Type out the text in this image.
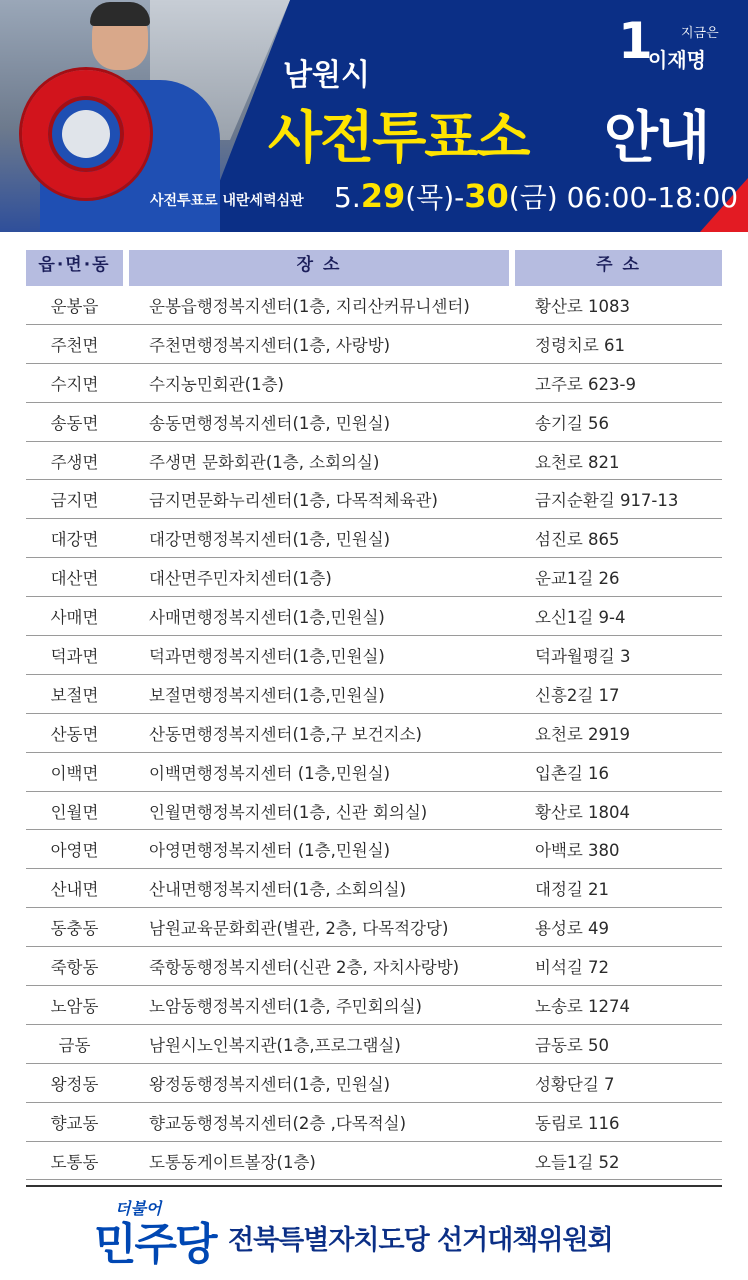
1 지금은
이재명
남원시
사전투표소 안내
사전투표로 내란세력심판 5.29(목)-30(금) 06:00-18:00
읍·면·동	장 소	주 소
운봉읍	운봉읍행정복지센터(1층, 지리산커뮤니센터)	황산로 1083
주천면	주천면행정복지센터(1층, 사랑방)	정령치로 61
수지면	수지농민회관(1층)	고주로 623-9
송동면	송동면행정복지센터(1층, 민원실)	송기길 56
주생면	주생면 문화회관(1층, 소회의실)	요천로 821
금지면	금지면문화누리센터(1층, 다목적체육관)	금지순환길 917-13
대강면	대강면행정복지센터(1층, 민원실)	섬진로 865
대산면	대산면주민자치센터(1층)	운교1길 26
사매면	사매면행정복지센터(1층,민원실)	오신1길 9-4
덕과면	덕과면행정복지센터(1층,민원실)	덕과월평길 3
보절면	보절면행정복지센터(1층,민원실)	신흥2길 17
산동면	산동면행정복지센터(1층,구 보건지소)	요천로 2919
이백면	이백면행정복지센터 (1층,민원실)	입촌길 16
인월면	인월면행정복지센터(1층, 신관 회의실)	황산로 1804
아영면	아영면행정복지센터 (1층,민원실)	아백로 380
산내면	산내면행정복지센터(1층, 소회의실)	대정길 21
동충동	남원교육문화회관(별관, 2층, 다목적강당)	용성로 49
죽항동	죽항동행정복지센터(신관 2층, 자치사랑방)	비석길 72
노암동	노암동행정복지센터(1층, 주민회의실)	노송로 1274
금동	남원시노인복지관(1층,프로그램실)	금동로 50
왕정동	왕정동행정복지센터(1층, 민원실)	성황단길 7
향교동	향교동행정복지센터(2층 ,다목적실)	동림로 116
도통동	도통동게이트볼장(1층)	오들1길 52
더불어
민주당 전북특별자치도당 선거대책위원회
